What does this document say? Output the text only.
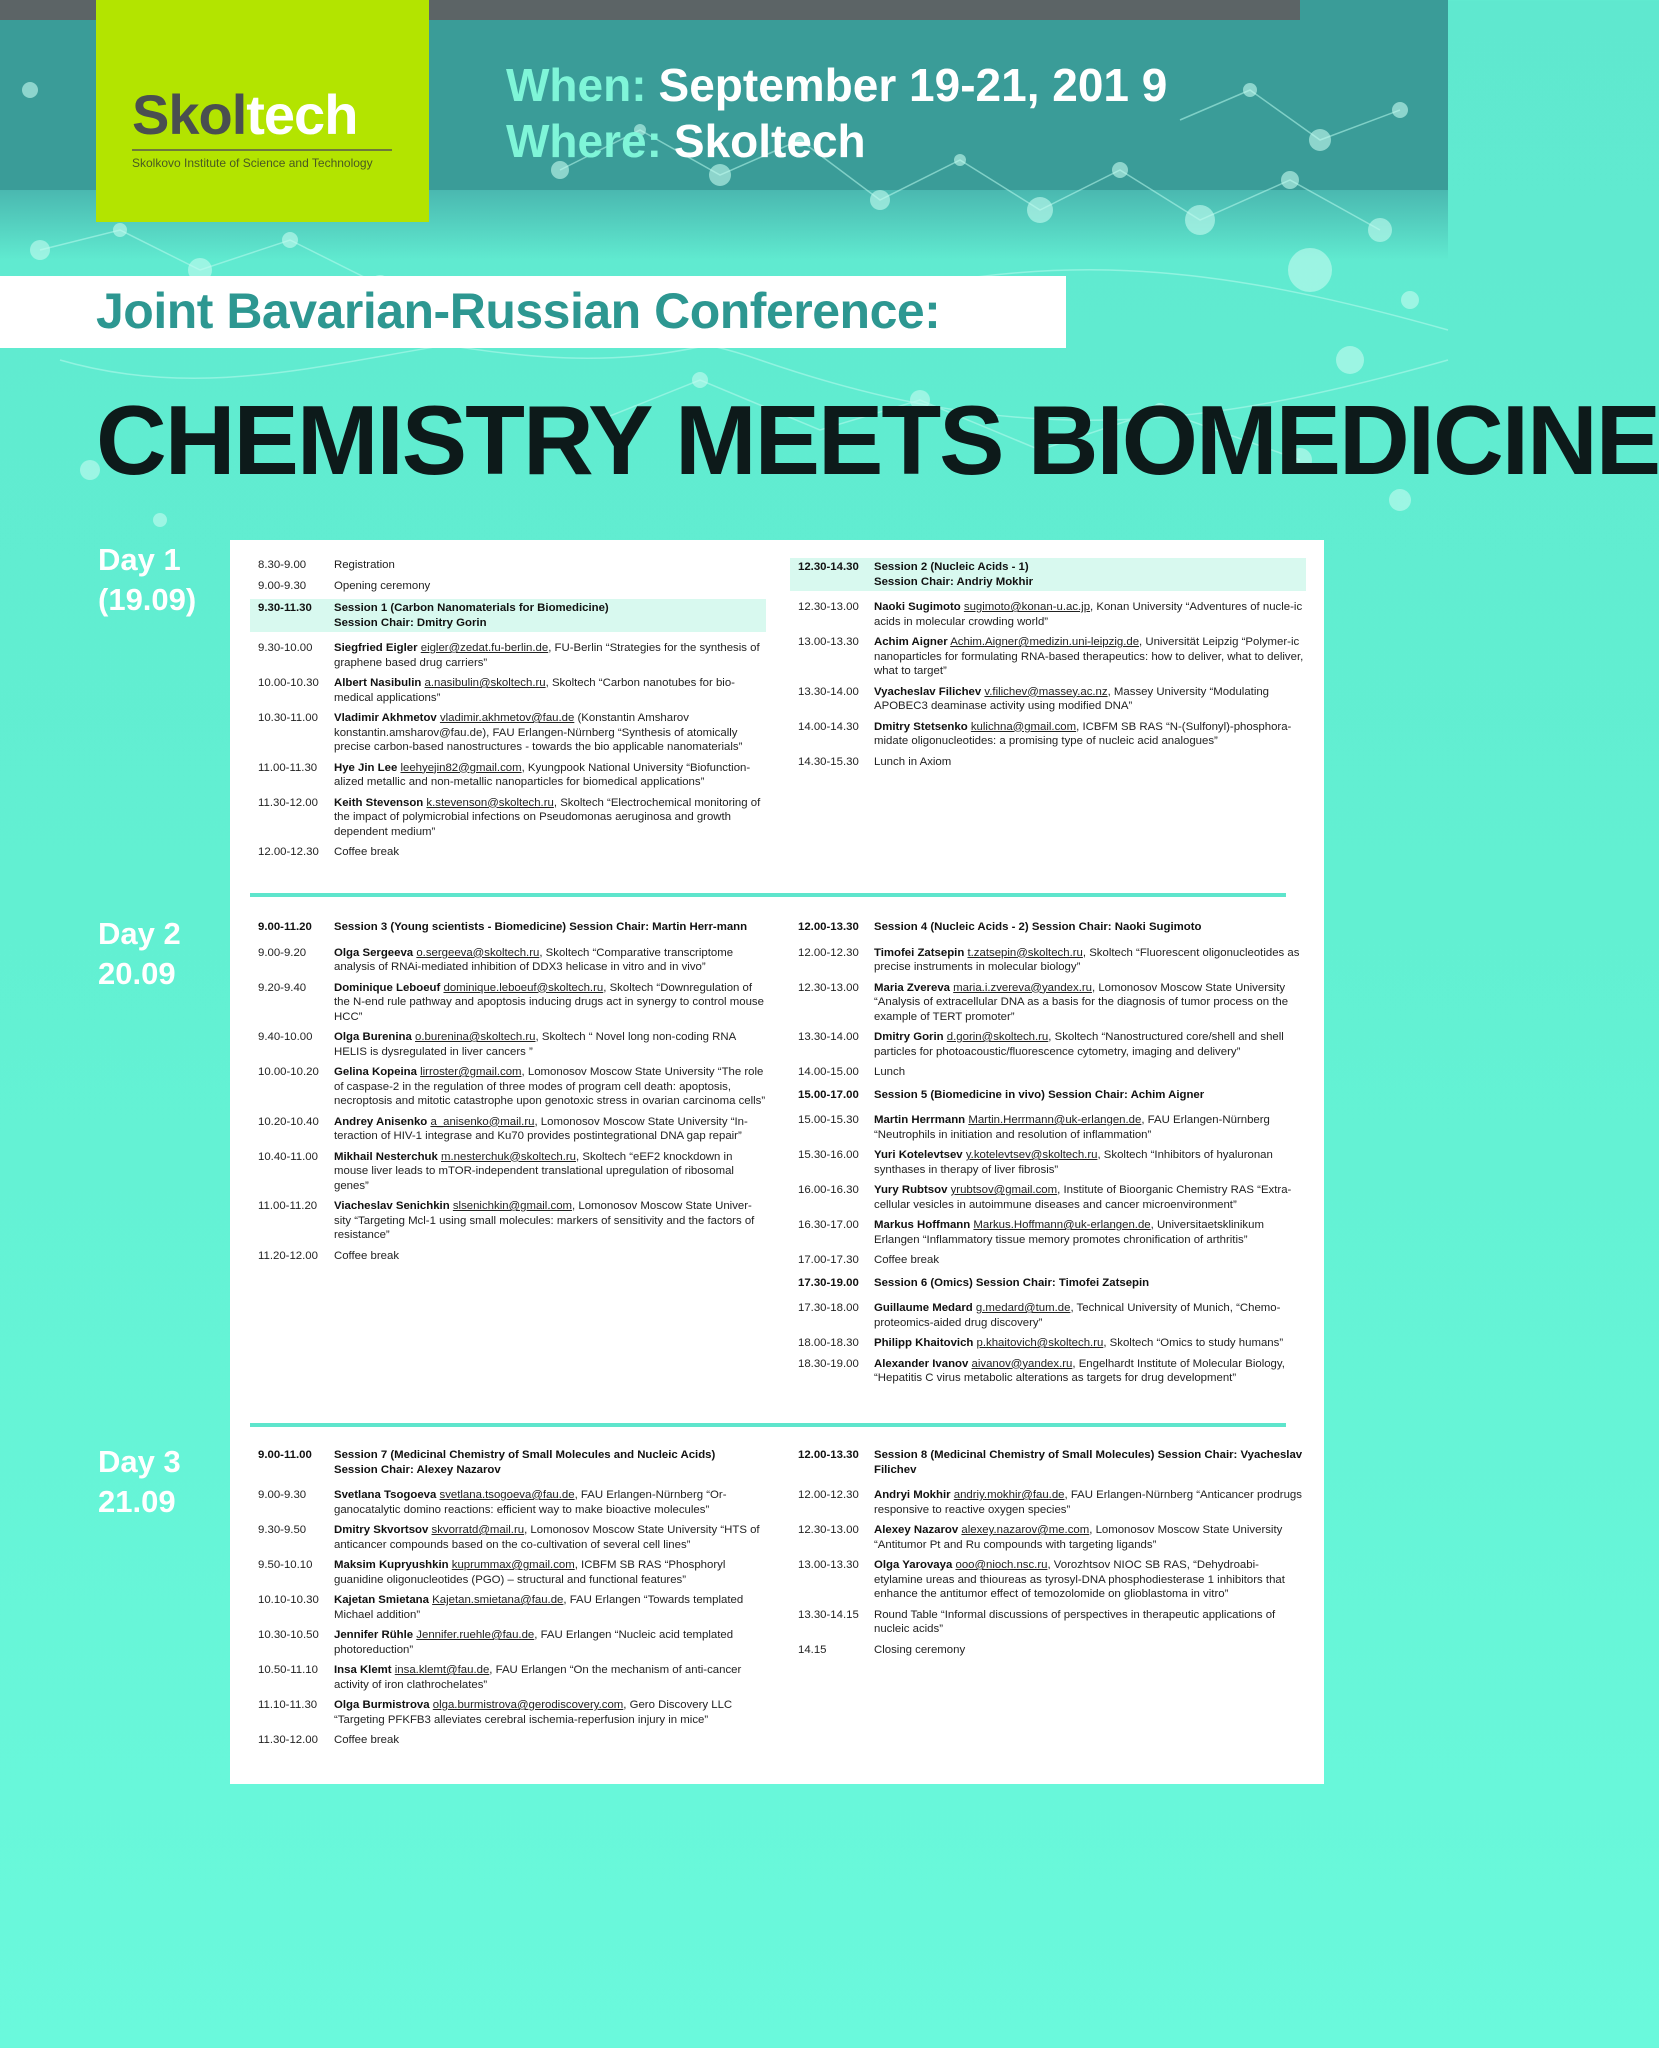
Skoltech
Skolkovo Institute of Science and Technology
When: September 19-21, 201 9
Where: Skoltech
Joint Bavarian-Russian Conference:
CHEMISTRY MEETS BIOMEDICINE
Day 1
(19.09)
Day 2
20.09
Day 3
21.09
8.30-9.00	Registration
9.00-9.30	Opening ceremony
9.30-11.30	Session 1 (Carbon Nanomaterials for Biomedicine)
Session Chair: Dmitry Gorin
9.30-10.00	Siegfried Eigler eigler@zedat.fu-berlin.de, FU-Berlin “Strategies for the synthesis of graphene based drug carriers”
10.00-10.30	Albert Nasibulin a.nasibulin@skoltech.ru, Skoltech “Carbon nanotubes for bio-medical applications”
10.30-11.00	Vladimir Akhmetov vladimir.akhmetov@fau.de (Konstantin Amsharov konstantin.amsharov@fau.de), FAU Erlangen-Nürnberg “Synthesis of atomically precise carbon-based nanostructures - towards the bio applicable nanomaterials”
11.00-11.30	Hye Jin Lee leehyejin82@gmail.com, Kyungpook National University “Biofunction-alized metallic and non-metallic nanoparticles for biomedical applications”
11.30-12.00	Keith Stevenson k.stevenson@skoltech.ru, Skoltech “Electrochemical monitoring of the impact of polymicrobial infections on Pseudomonas aeruginosa and growth dependent medium”
12.00-12.30	Coffee break
12.30-14.30	Session 2 (Nucleic Acids - 1)
Session Chair: Andriy Mokhir
12.30-13.00	Naoki Sugimoto sugimoto@konan-u.ac.jp, Konan University “Adventures of nucle-ic acids in molecular crowding world”
13.00-13.30	Achim Aigner Achim.Aigner@medizin.uni-leipzig.de, Universität Leipzig “Polymer-ic nanoparticles for formulating RNA-based therapeutics: how to deliver, what to deliver, what to target”
13.30-14.00	Vyacheslav Filichev v.filichev@massey.ac.nz, Massey University “Modulating APOBEC3 deaminase activity using modified DNA”
14.00-14.30	Dmitry Stetsenko kulichna@gmail.com, ICBFM SB RAS “N-(Sulfonyl)-phosphora-midate oligonucleotides: a promising type of nucleic acid analogues”
14.30-15.30	Lunch in Axiom
9.00-11.20	Session 3 (Young scientists - Biomedicine) Session Chair: Martin Herr-mann
9.00-9.20	Olga Sergeeva o.sergeeva@skoltech.ru, Skoltech “Comparative transcriptome analysis of RNAi-mediated inhibition of DDX3 helicase in vitro and in vivo”
9.20-9.40	Dominique Leboeuf dominique.leboeuf@skoltech.ru, Skoltech “Downregulation of the N-end rule pathway and apoptosis inducing drugs act in synergy to control mouse HCC”
9.40-10.00	Olga Burenina o.burenina@skoltech.ru, Skoltech “ Novel long non-coding RNA HELIS is dysregulated in liver cancers ”
10.00-10.20	Gelina Kopeina lirroster@gmail.com, Lomonosov Moscow State University “The role of caspase-2 in the regulation of three modes of program cell death: apoptosis, necroptosis and mitotic catastrophe upon genotoxic stress in ovarian carcinoma cells”
10.20-10.40	Andrey Anisenko a_anisenko@mail.ru, Lomonosov Moscow State University “In-teraction of HIV-1 integrase and Ku70 provides postintegrational DNA gap repair”
10.40-11.00	Mikhail Nesterchuk m.nesterchuk@skoltech.ru, Skoltech “eEF2 knockdown in mouse liver leads to mTOR-independent translational upregulation of ribosomal genes”
11.00-11.20	Viacheslav Senichkin slsenichkin@gmail.com, Lomonosov Moscow State Univer-sity “Targeting Mcl-1 using small molecules: markers of sensitivity and the factors of resistance”
11.20-12.00	Coffee break
12.00-13.30	Session 4 (Nucleic Acids - 2) Session Chair: Naoki Sugimoto
12.00-12.30	Timofei Zatsepin t.zatsepin@skoltech.ru, Skoltech “Fluorescent oligonucleotides as precise instruments in molecular biology”
12.30-13.00	Maria Zvereva maria.i.zvereva@yandex.ru, Lomonosov Moscow State University “Analysis of extracellular DNA as a basis for the diagnosis of tumor process on the example of TERT promoter”
13.30-14.00	Dmitry Gorin d.gorin@skoltech.ru, Skoltech “Nanostructured core/shell and shell particles for photoacoustic/fluorescence cytometry, imaging and delivery”
14.00-15.00	Lunch
15.00-17.00	Session 5 (Biomedicine in vivo) Session Chair: Achim Aigner
15.00-15.30	Martin Herrmann Martin.Herrmann@uk-erlangen.de, FAU Erlangen-Nürnberg “Neutrophils in initiation and resolution of inflammation”
15.30-16.00	Yuri Kotelevtsev y.kotelevtsev@skoltech.ru, Skoltech “Inhibitors of hyaluronan synthases in therapy of liver fibrosis”
16.00-16.30	Yury Rubtsov yrubtsov@gmail.com, Institute of Bioorganic Chemistry RAS “Extra-cellular vesicles in autoimmune diseases and cancer microenvironment”
16.30-17.00	Markus Hoffmann Markus.Hoffmann@uk-erlangen.de, Universitaetsklinikum Erlangen “Inflammatory tissue memory promotes chronification of arthritis”
17.00-17.30	Coffee break
17.30-19.00	Session 6 (Omics) Session Chair: Timofei Zatsepin
17.30-18.00	Guillaume Medard g.medard@tum.de, Technical University of Munich, “Chemo-proteomics-aided drug discovery”
18.00-18.30	Philipp Khaitovich p.khaitovich@skoltech.ru, Skoltech “Omics to study humans”
18.30-19.00	Alexander Ivanov aivanov@yandex.ru, Engelhardt Institute of Molecular Biology, “Hepatitis C virus metabolic alterations as targets for drug development”
9.00-11.00	Session 7 (Medicinal Chemistry of Small Molecules and Nucleic Acids)
Session Chair: Alexey Nazarov
9.00-9.30	Svetlana Tsogoeva svetlana.tsogoeva@fau.de, FAU Erlangen-Nürnberg “Or-ganocatalytic domino reactions: efficient way to make bioactive molecules”
9.30-9.50	Dmitry Skvortsov skvorratd@mail.ru, Lomonosov Moscow State University “HTS of anticancer compounds based on the co-cultivation of several cell lines”
9.50-10.10	Maksim Kupryushkin kuprummax@gmail.com, ICBFM SB RAS “Phosphoryl guanidine oligonucleotides (PGO) – structural and functional features”
10.10-10.30	Kajetan Smietana Kajetan.smietana@fau.de, FAU Erlangen “Towards templated Michael addition”
10.30-10.50	Jennifer Rühle Jennifer.ruehle@fau.de, FAU Erlangen “Nucleic acid templated photoreduction”
10.50-11.10	Insa Klemt insa.klemt@fau.de, FAU Erlangen “On the mechanism of anti-cancer activity of iron clathrochelates”
11.10-11.30	Olga Burmistrova olga.burmistrova@gerodiscovery.com, Gero Discovery LLC “Targeting PFKFB3 alleviates cerebral ischemia-reperfusion injury in mice”
11.30-12.00	Coffee break
12.00-13.30	Session 8 (Medicinal Chemistry of Small Molecules) Session Chair: Vyacheslav Filichev
12.00-12.30	Andryi Mokhir andriy.mokhir@fau.de, FAU Erlangen-Nürnberg “Anticancer prodrugs responsive to reactive oxygen species”
12.30-13.00	Alexey Nazarov alexey.nazarov@me.com, Lomonosov Moscow State University “Antitumor Pt and Ru compounds with targeting ligands”
13.00-13.30	Olga Yarovaya ooo@nioch.nsc.ru, Vorozhtsov NIOC SB RAS, “Dehydroabi-etylamine ureas and thioureas as tyrosyl-DNA phosphodiesterase 1 inhibitors that enhance the antitumor effect of temozolomide on glioblastoma in vitro”
13.30-14.15	Round Table “Informal discussions of perspectives in therapeutic applications of nucleic acids”
14.15	Closing ceremony
